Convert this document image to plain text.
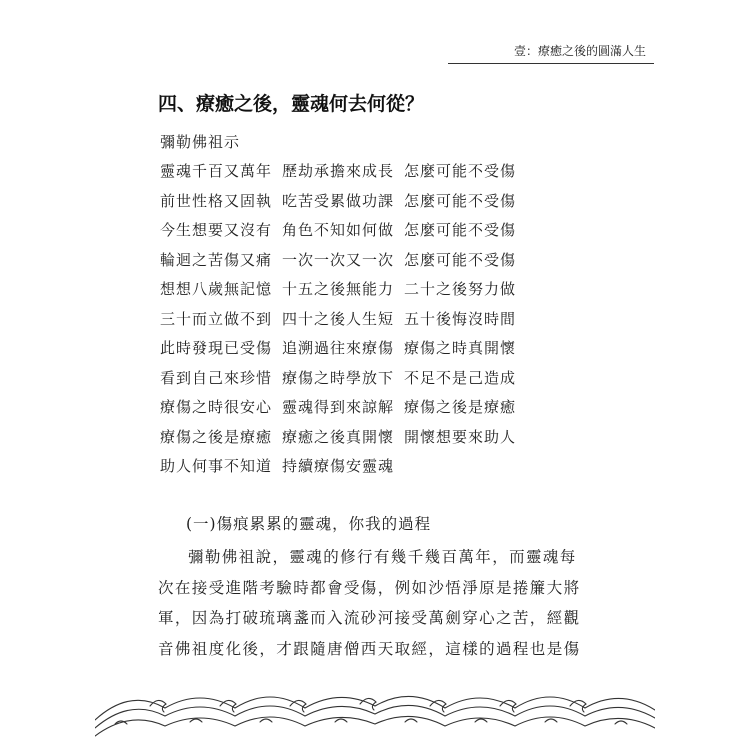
壹：療癒之後的圓滿人生
四、療癒之後，靈魂何去何從？
彌勒佛祖示
靈魂千百又萬年 歷劫承擔來成長 怎麼可能不受傷
前世性格又固執 吃苦受累做功課 怎麼可能不受傷
今生想要又沒有 角色不知如何做 怎麼可能不受傷
輪迴之苦傷又痛 一次一次又一次 怎麼可能不受傷
想想八歲無記憶 十五之後無能力 二十之後努力做
三十而立做不到 四十之後人生短 五十後悔沒時間
此時發現已受傷 追溯過往來療傷 療傷之時真開懷
看到自己來珍惜 療傷之時學放下 不足不是己造成
療傷之時很安心 靈魂得到來諒解 療傷之後是療癒
療傷之後是療癒 療癒之後真開懷 開懷想要來助人
助人何事不知道 持續療傷安靈魂
(一)傷痕累累的靈魂，你我的過程
彌勒佛祖說，靈魂的修行有幾千幾百萬年，而靈魂每
次在接受進階考驗時都會受傷，例如沙悟淨原是捲簾大將
軍，因為打破琉璃盞而入流砂河接受萬劍穿心之苦，經觀
音佛祖度化後，才跟隨唐僧西天取經，這樣的過程也是傷
